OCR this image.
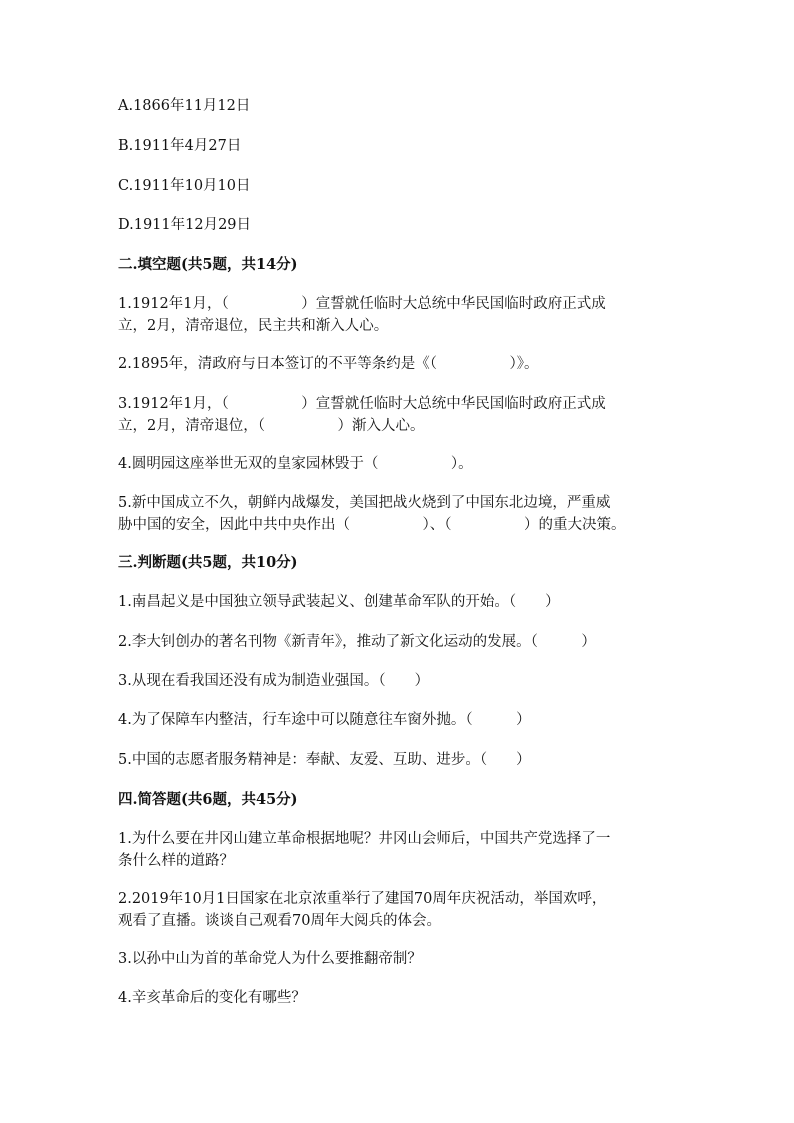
A.1866年11月12日
B.1911年4月27日
C.1911年10月10日
D.1911年12月29日
二.填空题(共5题，共14分)
1.1912年1月，（　　　　　）宣誓就任临时大总统中华民国临时政府正式成
立，2月，清帝退位，民主共和渐入人心。
2.1895年，清政府与日本签订的不平等条约是《（　　　　　）》。
3.1912年1月，（　　　　　）宣誓就任临时大总统中华民国临时政府正式成
立，2月，清帝退位，（　　　　　）渐入人心。
4.圆明园这座举世无双的皇家园林毁于（　　　　　）。
5.新中国成立不久，朝鲜内战爆发，美国把战火烧到了中国东北边境，严重威
胁中国的安全，因此中共中央作出（　　　　　）、（　　　　　）的重大决策。
三.判断题(共5题，共10分)
1.南昌起义是中国独立领导武装起义、创建革命军队的开始。（　　）
2.李大钊创办的著名刊物《新青年》，推动了新文化运动的发展。（　　　）
3.从现在看我国还没有成为制造业强国。（　　）
4.为了保障车内整洁，行车途中可以随意往车窗外抛。（　　　）
5.中国的志愿者服务精神是：奉献、友爱、互助、进步。（　　）
四.简答题(共6题，共45分)
1.为什么要在井冈山建立革命根据地呢？井冈山会师后，中国共产党选择了一
条什么样的道路？
2.2019年10月1日国家在北京浓重举行了建国70周年庆祝活动，举国欢呼，
观看了直播。谈谈自己观看70周年大阅兵的体会。
3.以孙中山为首的革命党人为什么要推翻帝制？
4.辛亥革命后的变化有哪些？
